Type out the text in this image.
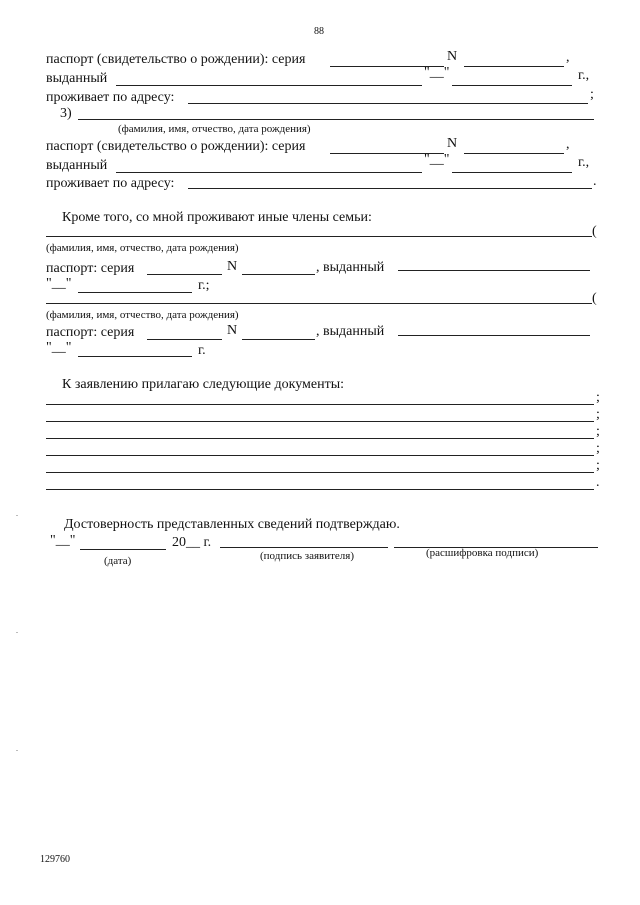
88
паспорт (свидетельство о рождении): серия	N	,
выданный	"__"	г.,
проживает по адресу:	;
3)
(фамилия, имя, отчество, дата рождения)
паспорт (свидетельство о рождении): серия	N	,
выданный	"__"	г.,
проживает по адресу:	.
Кроме того, со мной проживают иные члены семьи:
(
(фамилия, имя, отчество, дата рождения)
паспорт: серия	N	, выданный
"__"	г.;
(
(фамилия, имя, отчество, дата рождения)
паспорт: серия	N	, выданный
"__"	г.
К заявлению прилагаю следующие документы:
;
;
;
;
;
.
Достоверность представленных сведений подтверждаю.
"__"	20__ г.
(дата)	(подпись заявителя)	(расшифровка подписи)
129760
